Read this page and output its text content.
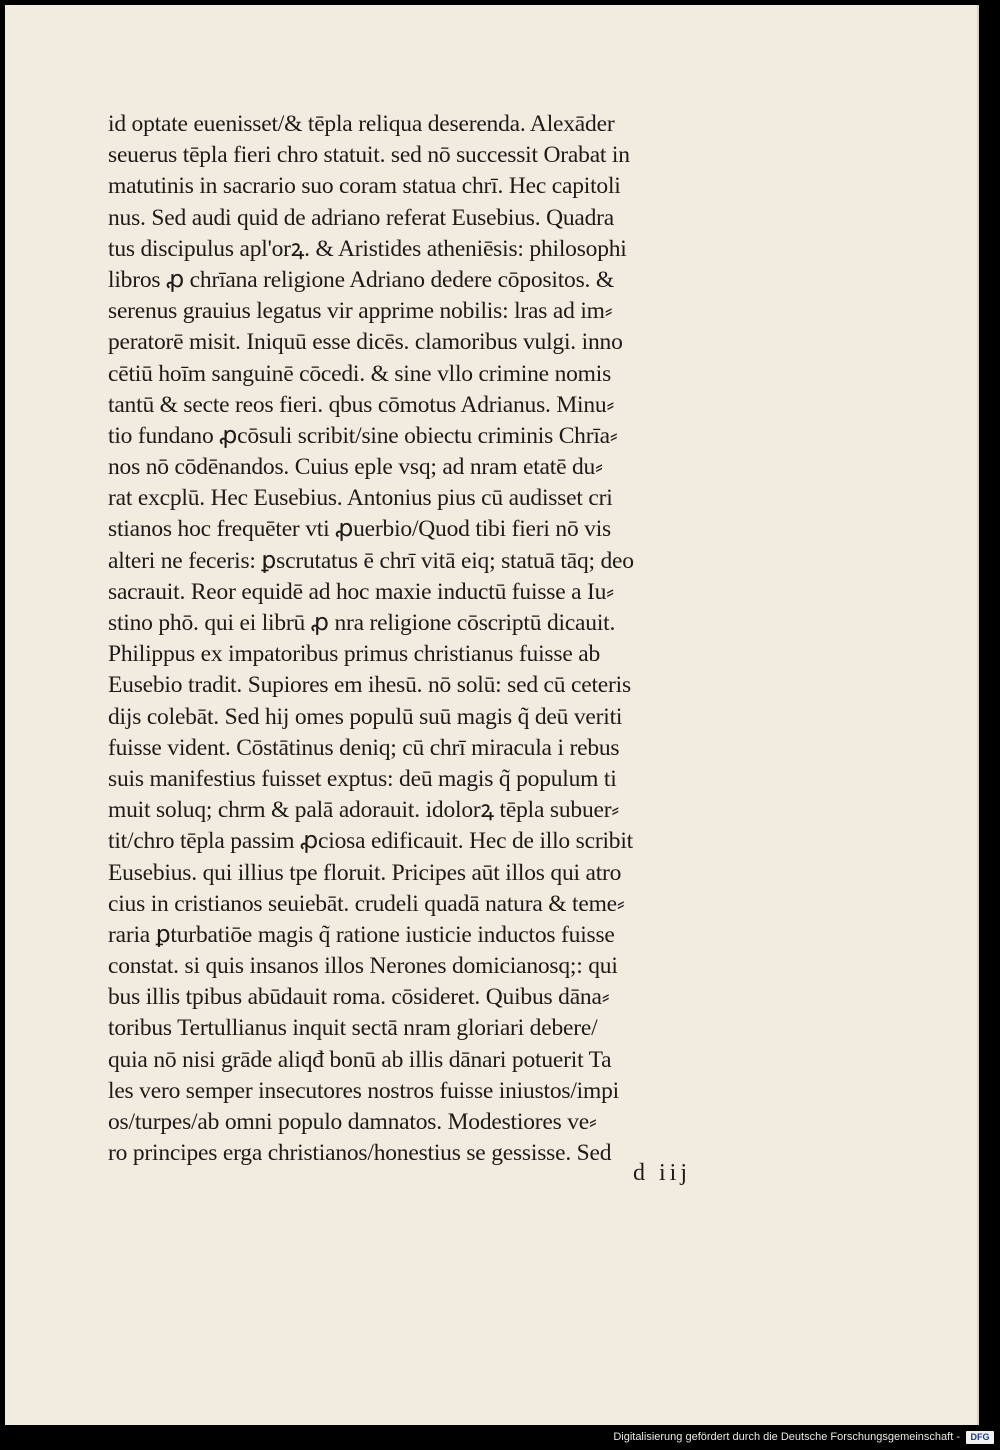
id optate euenisset/& tēpla reliqua deserenda. Alexāder
seuerus tēpla fieri chro statuit. sed nō successit Orabat in
matutinis in sacrario suo coram statua chrī. Hec capitoli
nus. Sed audi quid de adriano referat Eusebius. Quadra
tus discipulus apl'orꝝ. & Aristides atheniēsis: philosophi
libros ꝓ chrīana religione Adriano dedere cōpositos. &
serenus grauius legatus vir apprime nobilis: lras ad im⸗
peratorē misit. Iniquū esse dicēs. clamoribus vulgi. inno
cētiū hoīm sanguinē cōcedi. & sine vllo crimine nomis
tantū & secte reos fieri. qbus cōmotus Adrianus. Minu⸗
tio fundano ꝓcōsuli scribit/sine obiectu criminis Chrīa⸗
nos nō cōdēnandos. Cuius eple vsq; ad nram etatē du⸗
rat excplū. Hec Eusebius. Antonius pius cū audisset cri
stianos hoc frequēter vti ꝓuerbio/Quod tibi fieri nō vis
alteri ne feceris: ꝑscrutatus ē chrī vitā eiq; statuā tāq; deo
sacrauit. Reor equidē ad hoc maxie inductū fuisse a Iu⸗
stino phō. qui ei librū ꝓ nra religione cōscriptū dicauit.
Philippus ex impatoribus primus christianus fuisse ab
Eusebio tradit. Supiores em ihesū. nō solū: sed cū ceteris
dijs colebāt. Sed hij omes populū suū magis q̃ deū veriti
fuisse vident. Cōstātinus deniq; cū chrī miracula i rebus
suis manifestius fuisset exptus: deū magis q̃ populum ti
muit soluq; chrm & palā adorauit. idolorꝝ tēpla subuer⸗
tit/chro tēpla passim ꝓciosa edificauit. Hec de illo scribit
Eusebius. qui illius tpe floruit. Pricipes aūt illos qui atro
cius in cristianos seuiebāt. crudeli quadā natura & teme⸗
raria ꝑturbatiōe magis q̃ ratione iusticie inductos fuisse
constat. si quis insanos illos Nerones domicianosq;: qui
bus illis tpibus abūdauit roma. cōsideret. Quibus dāna⸗
toribus Tertullianus inquit sectā nram gloriari debere/
quia nō nisi grāde aliqđ bonū ab illis dānari potuerit Ta
les vero semper insecutores nostros fuisse iniustos/impi
os/turpes/ab omni populo damnatos. Modestiores ve⸗
ro principes erga christianos/honestius se gessisse. Sed
d iij
Digitalisierung gefördert durch die Deutsche Forschungsgemeinschaft -	DFG
